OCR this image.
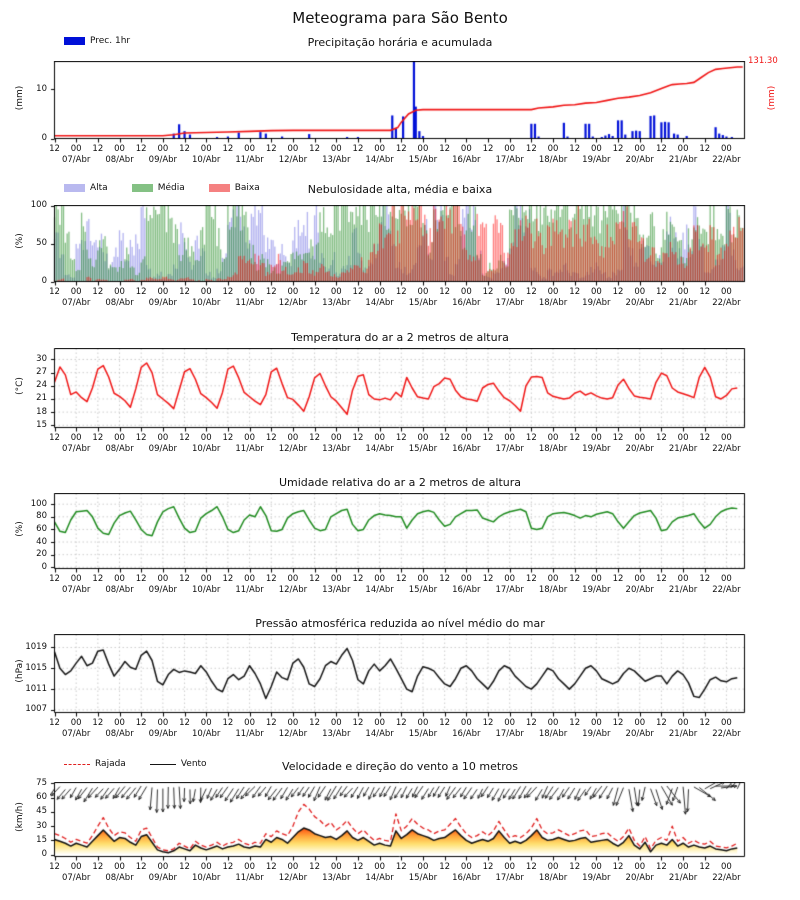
Meteograma para São Bento
Precipitação horária e acumulada
Prec. 1hr
(mm)
131.30
(mm)
Nebulosidade alta, média e baixa
Alta	Média	Baixa
(%)
Temperatura do ar a 2 metros de altura
(°C)
Umidade relativa do ar a 2 metros de altura
(%)
Pressão atmosférica reduzida ao nível médio do mar
(hPa)
Velocidade e direção do vento a 10 metros
Rajada	Vento
(km/h)
12	00	12	00	12	00	12	00	12	00	12	00	12	00	12	00	12	00	12	00	12	00	12	00	12	00	12	00	12	00	12	00
07/Abr	08/Abr	09/Abr	10/Abr	11/Abr	12/Abr	13/Abr	14/Abr	15/Abr	16/Abr	17/Abr	18/Abr	19/Abr	20/Abr	21/Abr	22/Abr
0
10
12	00	12	00	12	00	12	00	12	00	12	00	12	00	12	00	12	00	12	00	12	00	12	00	12	00	12	00	12	00	12	00
07/Abr	08/Abr	09/Abr	10/Abr	11/Abr	12/Abr	13/Abr	14/Abr	15/Abr	16/Abr	17/Abr	18/Abr	19/Abr	20/Abr	21/Abr	22/Abr
0
50
100
12	00	12	00	12	00	12	00	12	00	12	00	12	00	12	00	12	00	12	00	12	00	12	00	12	00	12	00	12	00	12	00
07/Abr	08/Abr	09/Abr	10/Abr	11/Abr	12/Abr	13/Abr	14/Abr	15/Abr	16/Abr	17/Abr	18/Abr	19/Abr	20/Abr	21/Abr	22/Abr
15
18
21
24
27
30
12	00	12	00	12	00	12	00	12	00	12	00	12	00	12	00	12	00	12	00	12	00	12	00	12	00	12	00	12	00	12	00
07/Abr	08/Abr	09/Abr	10/Abr	11/Abr	12/Abr	13/Abr	14/Abr	15/Abr	16/Abr	17/Abr	18/Abr	19/Abr	20/Abr	21/Abr	22/Abr
0
20
40
60
80
100
12	00	12	00	12	00	12	00	12	00	12	00	12	00	12	00	12	00	12	00	12	00	12	00	12	00	12	00	12	00	12	00
07/Abr	08/Abr	09/Abr	10/Abr	11/Abr	12/Abr	13/Abr	14/Abr	15/Abr	16/Abr	17/Abr	18/Abr	19/Abr	20/Abr	21/Abr	22/Abr
1007
1011
1015
1019
12	00	12	00	12	00	12	00	12	00	12	00	12	00	12	00	12	00	12	00	12	00	12	00	12	00	12	00	12	00	12	00
07/Abr	08/Abr	09/Abr	10/Abr	11/Abr	12/Abr	13/Abr	14/Abr	15/Abr	16/Abr	17/Abr	18/Abr	19/Abr	20/Abr	21/Abr	22/Abr
0
15
30
45
60
75
